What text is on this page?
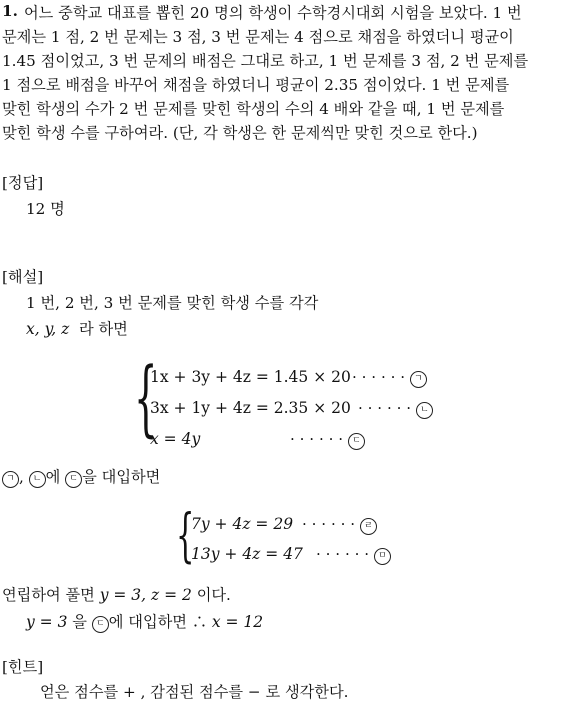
1. 어느 중학교 대표를 뽑힌 20 명의 학생이 수학경시대회 시험을 보았다. 1 번
문제는 1 점, 2 번 문제는 3 점, 3 번 문제는 4 점으로 채점을 하였더니 평균이
1.45 점이었고, 3 번 문제의 배점은 그대로 하고, 1 번 문제를 3 점, 2 번 문제를
1 점으로 배점을 바꾸어 채점을 하였더니 평균이 2.35 점이었다. 1 번 문제를
맞힌 학생의 수가 2 번 문제를 맞힌 학생의 수의 4 배와 같을 때, 1 번 문제를
맞힌 학생 수를 구하여라. (단, 각 학생은 한 문제씩만 맞힌 것으로 한다.)
[정답]
12 명
[해설]
1 번, 2 번, 3 번 문제를 맞힌 학생 수를 각각
x, y, z 라 하면
{
1x + 3y + 4z = 1.45 × 20 · · · · · · ㄱ
3x + 1y + 4z = 2.35 × 20 · · · · · · ㄴ
x = 4y	· · · · · · ㄷ
ㄱ , ㄴ 에 ㄷ 을 대입하면
{
7y + 4z = 29 · · · · · · ㄹ
13y + 4z = 47 · · · · · · ㅁ
연립하여 풀면 y = 3, z = 2 이다.
y = 3 을 ㄷ 에 대입하면 ∴ x = 12
[힌트]
얻은 점수를 + , 감점된 점수를 − 로 생각한다.
